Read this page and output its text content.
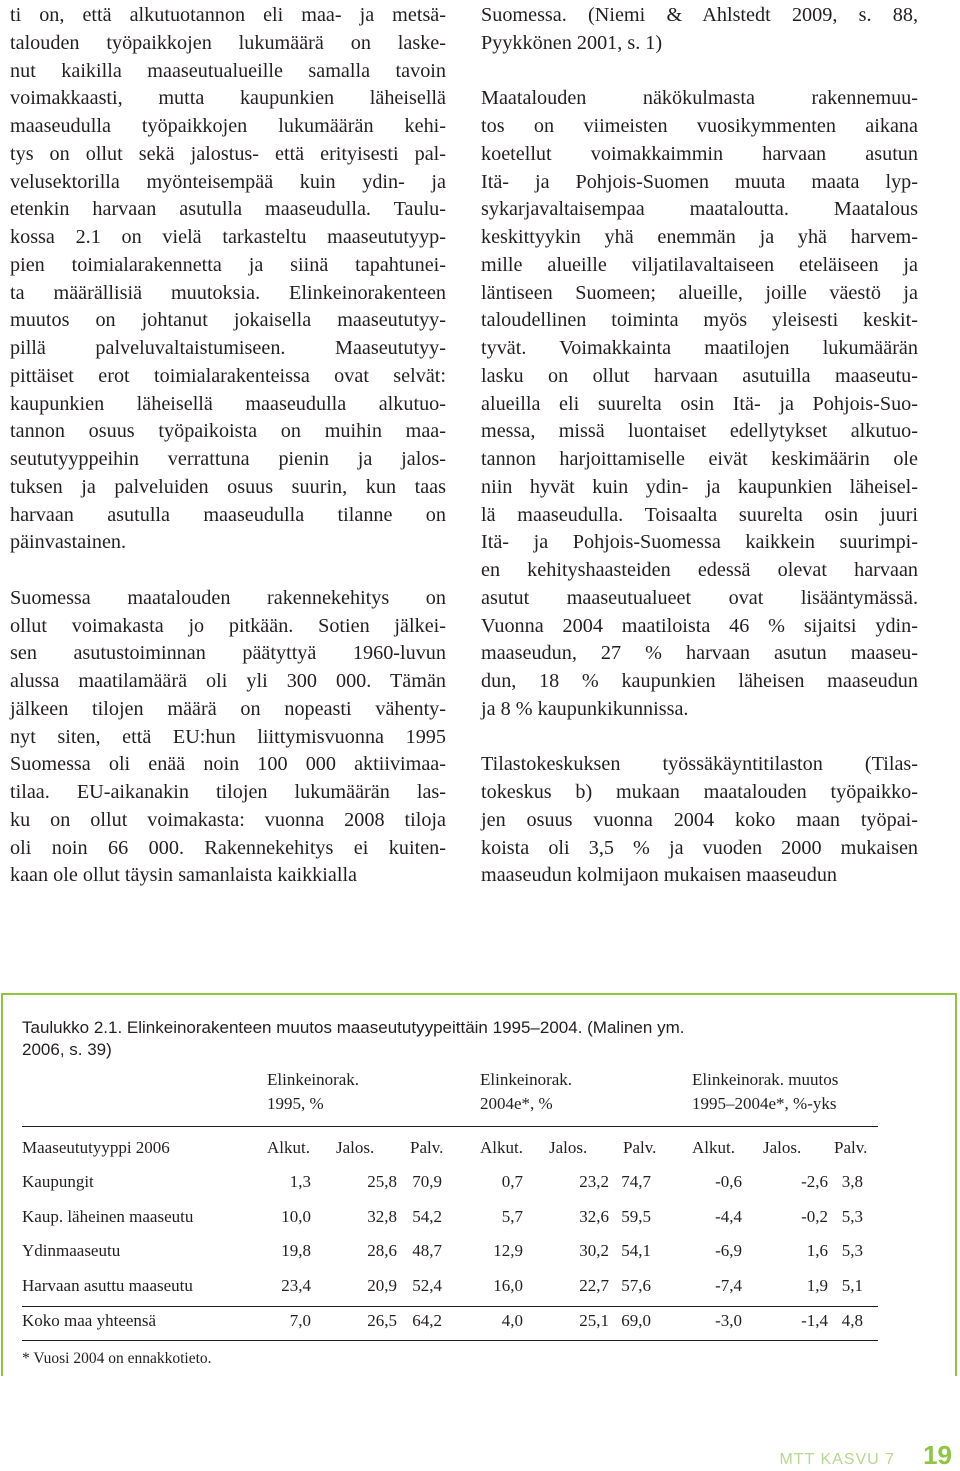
ti on, että alkutuotannon eli maa- ja metsä-
talouden työpaikkojen lukumäärä on laske-
nut kaikilla maaseutualueille samalla tavoin
voimakkaasti, mutta kaupunkien läheisellä
maaseudulla työpaikkojen lukumäärän kehi-
tys on ollut sekä jalostus- että erityisesti pal-
velusektorilla myönteisempää kuin ydin- ja
etenkin harvaan asutulla maaseudulla. Taulu-
kossa 2.1 on vielä tarkasteltu maaseututyyp-
pien toimialarakennetta ja siinä tapahtunei-
ta määrällisiä muutoksia. Elinkeinorakenteen
muutos on johtanut jokaisella maaseututyy-
pillä palveluvaltaistumiseen. Maaseututyy-
pittäiset erot toimialarakenteissa ovat selvät:
kaupunkien läheisellä maaseudulla alkutuo-
tannon osuus työpaikoista on muihin maa-
seututyyppeihin verrattuna pienin ja jalos-
tuksen ja palveluiden osuus suurin, kun taas
harvaan asutulla maaseudulla tilanne on
päinvastainen.
Suomessa maatalouden rakennekehitys on
ollut voimakasta jo pitkään. Sotien jälkei-
sen asutustoiminnan päätyttyä 1960-luvun
alussa maatilamäärä oli yli 300 000. Tämän
jälkeen tilojen määrä on nopeasti vähenty-
nyt siten, että EU:hun liittymisvuonna 1995
Suomessa oli enää noin 100 000 aktiivimaa-
tilaa. EU-aikanakin tilojen lukumäärän las-
ku on ollut voimakasta: vuonna 2008 tiloja
oli noin 66 000. Rakennekehitys ei kuiten-
kaan ole ollut täysin samanlaista kaikkialla
Suomessa. (Niemi & Ahlstedt 2009, s. 88,
Pyykkönen 2001, s. 1)
Maatalouden näkökulmasta rakennemuu-
tos on viimeisten vuosikymmenten aikana
koetellut voimakkaimmin harvaan asutun
Itä- ja Pohjois-Suomen muuta maata lyp-
sykarjavaltaisempaa maataloutta. Maatalous
keskittyykin yhä enemmän ja yhä harvem-
mille alueille viljatilavaltaiseen eteläiseen ja
läntiseen Suomeen; alueille, joille väestö ja
taloudellinen toiminta myös yleisesti keskit-
tyvät. Voimakkainta maatilojen lukumäärän
lasku on ollut harvaan asutuilla maaseutu-
alueilla eli suurelta osin Itä- ja Pohjois-Suo-
messa, missä luontaiset edellytykset alkutuo-
tannon harjoittamiselle eivät keskimäärin ole
niin hyvät kuin ydin- ja kaupunkien läheisel-
lä maaseudulla. Toisaalta suurelta osin juuri
Itä- ja Pohjois-Suomessa kaikkein suurimpi-
en kehityshaasteiden edessä olevat harvaan
asutut maaseutualueet ovat lisääntymässä.
Vuonna 2004 maatiloista 46 % sijaitsi ydin-
maaseudun, 27 % harvaan asutun maaseu-
dun, 18 % kaupunkien läheisen maaseudun
ja 8 % kaupunkikunnissa.
Tilastokeskuksen työssäkäyntitilaston (Tilas-
tokeskus b) mukaan maatalouden työpaikko-
jen osuus vuonna 2004 koko maan työpai-
koista oli 3,5 % ja vuoden 2000 mukaisen
maaseudun kolmijaon mukaisen maaseudun
Taulukko 2.1. Elinkeinorakenteen muutos maaseututyypeittäin 1995–2004. (Malinen ym.
2006, s. 39)
Elinkeinorak.
1995, %
Elinkeinorak.
2004e*, %
Elinkeinorak. muutos
1995–2004e*, %-yks
* Vuosi 2004 on ennakkotieto.
Maaseututyyppi 2006	Alkut. Jalos. Palv. Alkut. Jalos. Palv. Alkut. Jalos. Palv.
Kaupungit	1,3	25,8 70,9	0,7	23,2 74,7	-0,6	-2,6 3,8
Kaup. läheinen maaseutu	10,0	32,8 54,2	5,7	32,6 59,5	-4,4	-0,2 5,3
Ydinmaaseutu	19,8	28,6 48,7	12,9	30,2 54,1	-6,9	1,6 5,3
Harvaan asuttu maaseutu	23,4	20,9 52,4	16,0	22,7 57,6	-7,4	1,9 5,1
Koko maa yhteensä	7,0	26,5 64,2	4,0	25,1 69,0	-3,0	-1,4 4,8
MTT KASVU 7 19
